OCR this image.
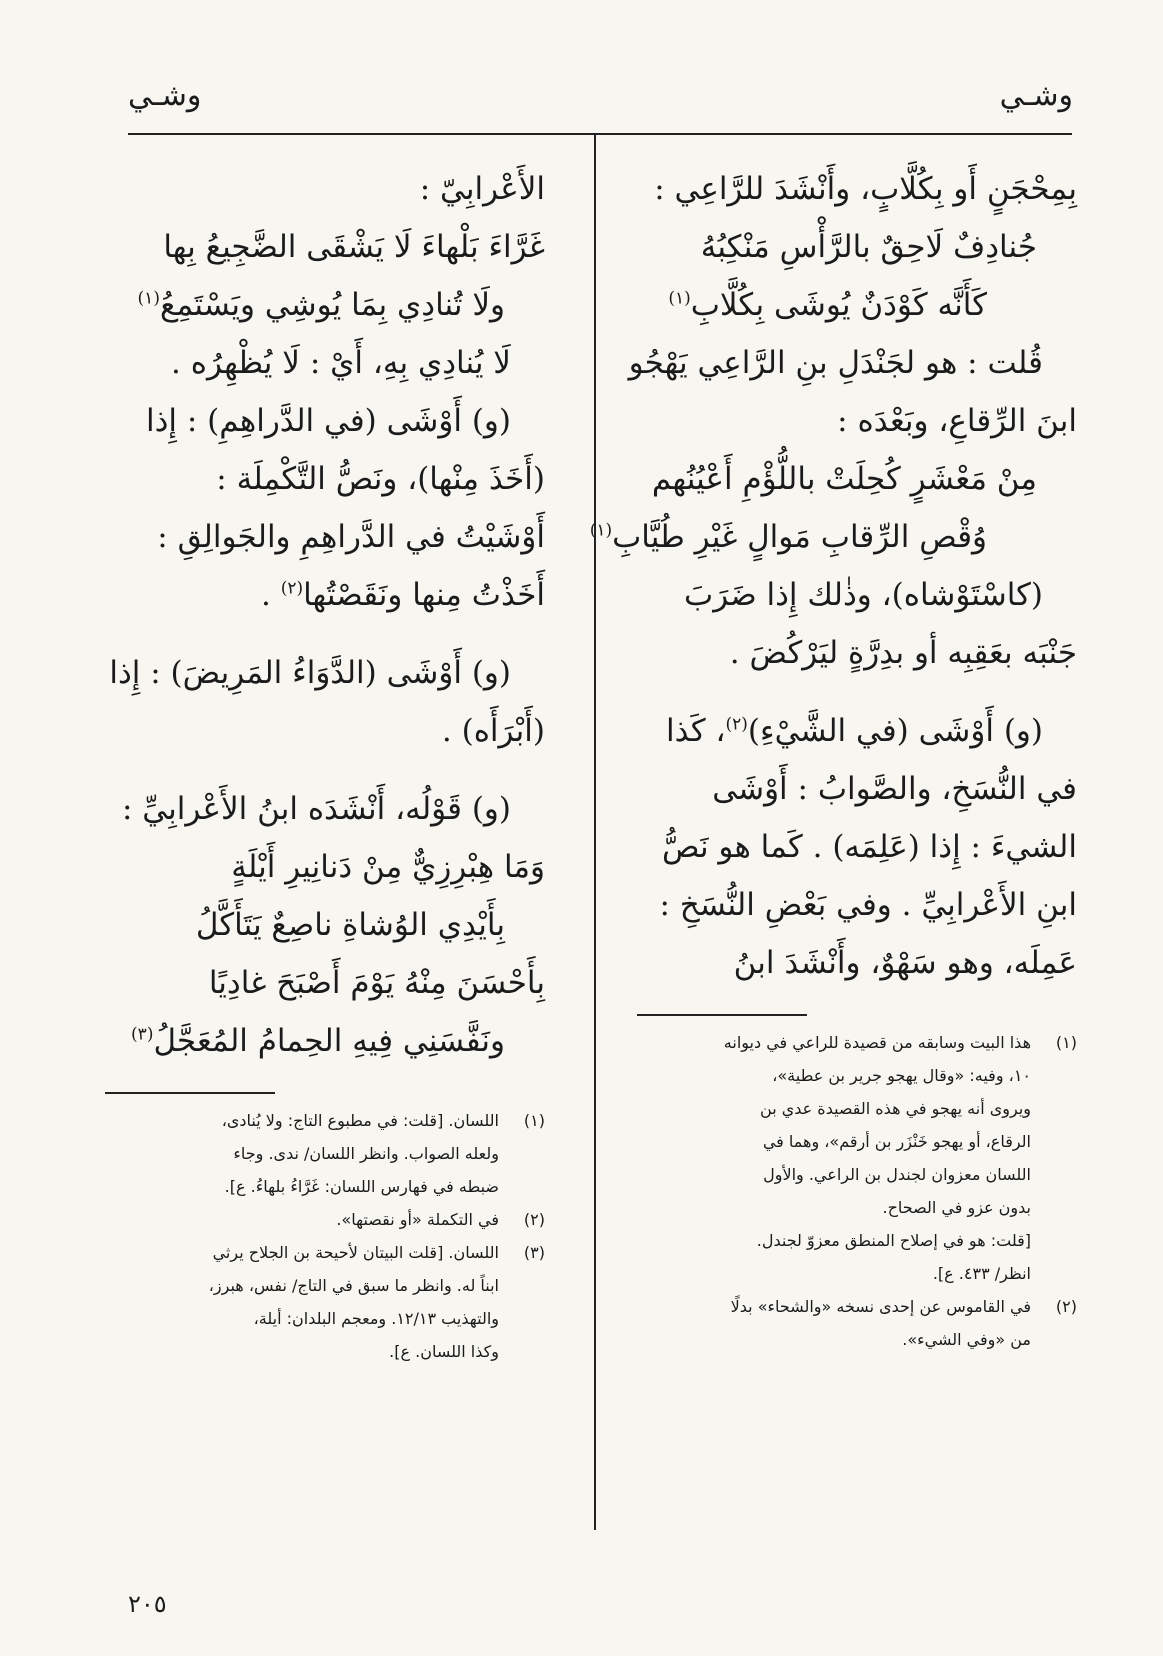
وشـي
وشـي
بِمِحْجَنٍ أَو بِكُلَّابٍ، وأَنْشَدَ للرَّاعِي :
جُنادِفٌ لَاحِقٌ بالرَّأْسِ مَنْكِبُهُ
كَأَنَّه كَوْدَنٌ يُوشَى بِكُلَّابِ$^{(١)}$
قُلت : هو لجَنْدَلِ بنِ الرَّاعِي يَهْجُو
ابنَ الرِّقاعِ، وبَعْدَه :
مِنْ مَعْشَرٍ كُحِلَتْ باللُّؤْمِ أَعْيُنُهم
وُقْصِ الرِّقابِ مَوالٍ غَيْرِ طُيَّابِ$^{(١)}$
(كاسْتَوْشاه)، وذٰلك إِذا ضَرَبَ
جَنْبَه بعَقِبِه أو بدِرَّةٍ ليَرْكُضَ .
(و) أَوْشَى (في الشَّيْءِ)$^{(٢)}$، كَذا
في النُّسَخِ، والصَّوابُ : أَوْشَى
الشيءَ : إِذا (عَلِمَه) . كَما هو نَصُّ
ابنِ الأَعْرابِيِّ . وفي بَعْضِ النُّسَخِ :
عَمِلَه، وهو سَهْوٌ، وأَنْشَدَ ابنُ
(١)
هذا البيت وسابقه من قصيدة للراعي في ديوانه
١٠، وفيه: «وقال يهجو جرير بن عطية»،
ويروى أنه يهجو في هذه القصيدة عدي بن
الرقاع، أو يهجو خَنْزَر بن أرقم»، وهما في
اللسان معزوان لجندل بن الراعي. والأول
بدون عزو في الصحاح.
[قلت: هو في إصلاح المنطق معزوّ لجندل.
انظر/ ٤٣٣. ع].
(٢)
في القاموس عن إحدى نسخه «والشحاء» بدلًا
من «وفي الشيء».
الأَعْرابِيّ :
غَرَّاءَ بَلْهاءَ لَا يَشْقَى الضَّجِيعُ بِها
ولَا تُنادِي بِمَا يُوشِي ويَسْتَمِعُ$^{(١)}$
لَا يُنادِي بِهِ، أَيْ : لَا يُظْهِرُه .
(و) أَوْشَى (في الدَّراهِمِ) : إِذا
(أَخَذَ مِنْها)، ونَصُّ التَّكْمِلَة :
أَوْشَيْتُ في الدَّراهِمِ والجَوالِقِ :
أَخَذْتُ مِنها ونَقَصْتُها$^{(٢)}$ .
(و) أَوْشَى (الدَّوَاءُ المَرِيضَ) : إِذا
(أَبْرَأَه) .
(و) قَوْلُه، أَنْشَدَه ابنُ الأَعْرابِيِّ :
وَمَا هِبْرِزِيٌّ مِنْ دَنانِيرِ أَيْلَةٍ
بِأَيْدِي الوُشاةِ ناصِعٌ يَتَأَكَّلُ
بِأَحْسَنَ مِنْهُ يَوْمَ أَصْبَحَ غادِيًا
ونَفَّسَنِي فِيهِ الحِمامُ المُعَجَّلُ$^{(٣)}$
(١)
اللسان. [قلت: في مطبوع التاج: ولا يُنادى،
ولعله الصواب. وانظر اللسان/ ندى. وجاء
ضبطه في فهارس اللسان: غَرَّاءُ بلهاءُ. ع].
(٢)
في التكملة «أو نقصتها».
(٣)
اللسان. [قلت البيتان لأحيحة بن الجلاح يرثي
ابناً له. وانظر ما سبق في التاج/ نفس، هبرز،
والتهذيب ١٢/١٣. ومعجم البلدان: أيلة،
وكذا اللسان. ع].
٢٠٥
